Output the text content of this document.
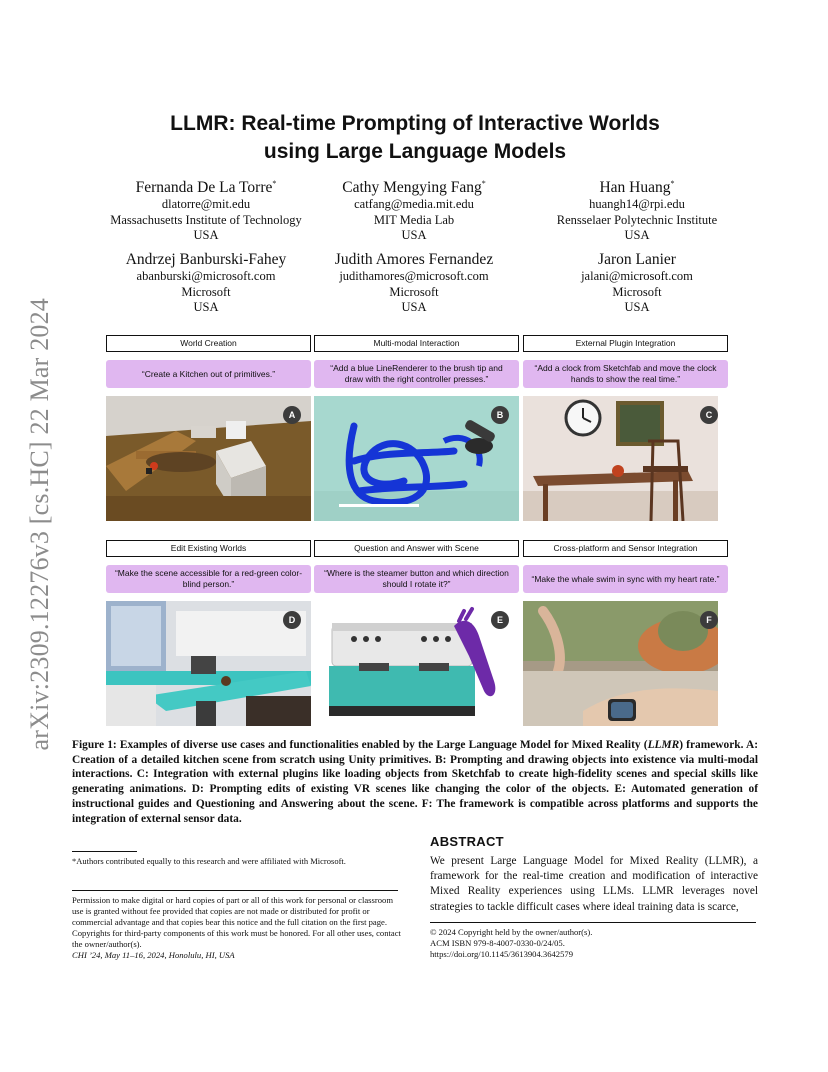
arXiv:2309.12276v3 [cs.HC] 22 Mar 2024
LLMR: Real-time Prompting of Interactive Worlds
using Large Language Models
Fernanda De La Torre*
dlatorre@mit.edu
Massachusetts Institute of Technology
USA
Cathy Mengying Fang*
catfang@media.mit.edu
MIT Media Lab
USA
Han Huang*
huangh14@rpi.edu
Rensselaer Polytechnic Institute
USA
Andrzej Banburski-Fahey
abanburski@microsoft.com
Microsoft
USA
Judith Amores Fernandez
judithamores@microsoft.com
Microsoft
USA
Jaron Lanier
jalani@microsoft.com
Microsoft
USA
World Creation
“Create a Kitchen out of primitives.”
A
Multi-modal Interaction
“Add a blue LineRenderer to the brush tip and draw with the right controller presses.”
B
External Plugin Integration
“Add a clock from Sketchfab and move the clock hands to show the real time.”
C
Edit Existing Worlds
“Make the scene accessible for a red-green color-blind person.”
D
Question and Answer with Scene
“Where is the steamer button and which direction should I rotate it?”
E
Cross-platform and Sensor Integration
“Make the whale swim in sync with my heart rate.”
F
Figure 1: Examples of diverse use cases and functionalities enabled by the Large Language Model for Mixed Reality (LLMR) framework. A: Creation of a detailed kitchen scene from scratch using Unity primitives. B: Prompting and drawing objects into existence via multi-modal interactions. C: Integration with external plugins like loading objects from Sketchfab to create high-fidelity scenes and special skills like generating animations. D: Prompting edits of existing VR scenes like changing the color of the objects. E: Automated generation of instructional guides and Questioning and Answering about the scene. F: The framework is compatible across platforms and supports the integration of external sensor data.
*Authors contributed equally to this research and were affiliated with Microsoft.
Permission to make digital or hard copies of part or all of this work for personal or classroom use is granted without fee provided that copies are not made or distributed for profit or commercial advantage and that copies bear this notice and the full citation on the first page. Copyrights for third-party components of this work must be honored. For all other uses, contact the owner/author(s).
CHI ’24, May 11–16, 2024, Honolulu, HI, USA
ABSTRACT
We present Large Language Model for Mixed Reality (LLMR), a framework for the real-time creation and modification of interactive Mixed Reality experiences using LLMs. LLMR leverages novel strategies to tackle difficult cases where ideal training data is scarce,
© 2024 Copyright held by the owner/author(s).
ACM ISBN 979-8-4007-0330-0/24/05.
https://doi.org/10.1145/3613904.3642579
